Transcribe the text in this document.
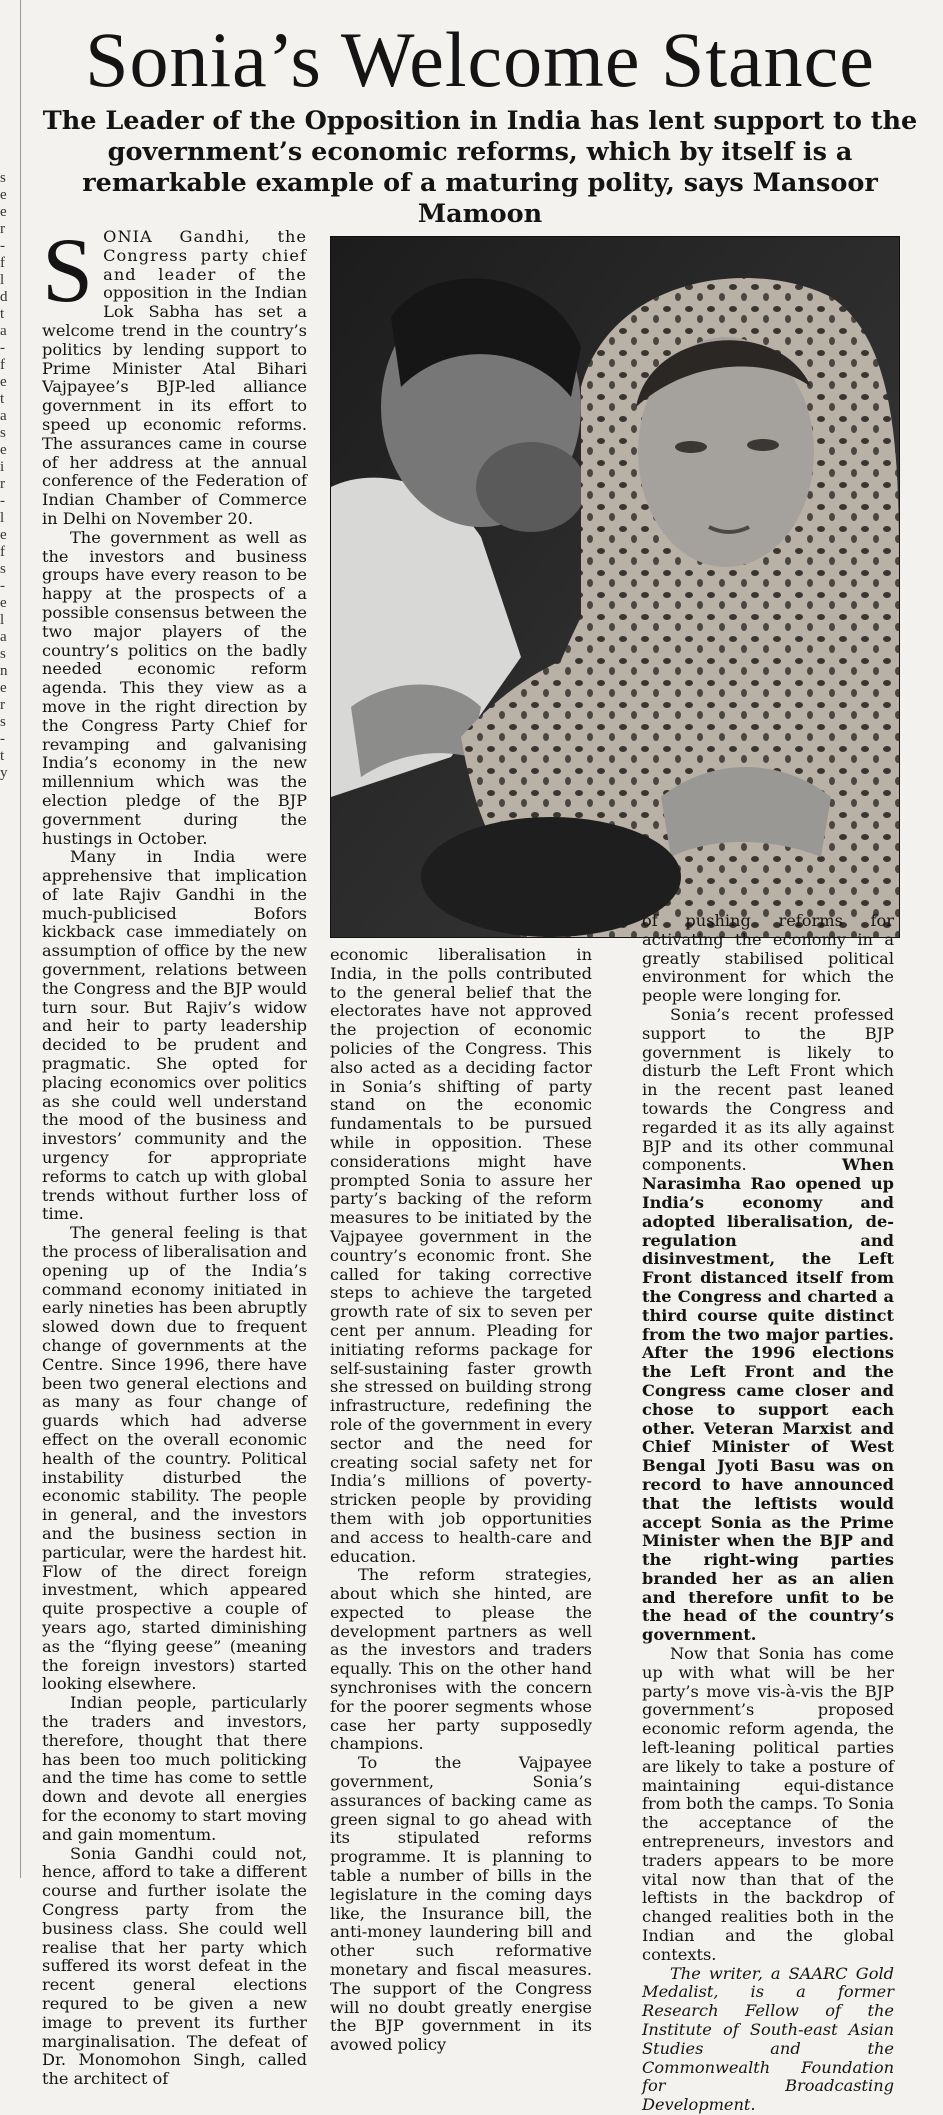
s
e
e
r
-
f
l
d
t
a
-
f
e
t
a
s
e
i
r
-
l
e
f
s
-
e
l
a
s
n
e
r
s
-
t
y
Sonia’s Welcome Stance

The Leader of the Opposition in India has lent support to the government’s economic reforms, which by itself is a remarkable example of a maturing polity, says Mansoor Mamoon

SONIA Gandhi, the Congress party chief and leader of the opposition in the Indian Lok Sabha has set a welcome trend in the country’s politics by lending support to Prime Minister Atal Bihari Vajpayee’s BJP-led alliance government in its effort to speed up economic reforms. The assurances came in course of her address at the annual conference of the Federation of Indian Chamber of Commerce in Delhi on November 20.

The government as well as the investors and business groups have every reason to be happy at the prospects of a possible consensus between the two major players of the country’s politics on the badly needed economic reform agenda. This they view as a move in the right direction by the Congress Party Chief for revamping and galvanising India’s economy in the new millennium which was the election pledge of the BJP government during the hustings in October.

Many in India were apprehensive that implication of late Rajiv Gandhi in the much-publicised Bofors kickback case immediately on assumption of office by the new government, relations between the Congress and the BJP would turn sour. But Rajiv’s widow and heir to party leadership decided to be prudent and pragmatic. She opted for placing economics over politics as she could well understand the mood of the business and investors’ community and the urgency for appropriate reforms to catch up with global trends without further loss of time.

The general feeling is that the process of liberalisation and opening up of the India’s command economy initiated in early nineties has been abruptly slowed down due to frequent change of governments at the Centre. Since 1996, there have been two general elections and as many as four change of guards which had adverse effect on the overall economic health of the country. Political instability disturbed the economic stability. The people in general, and the investors and the business section in particular, were the hardest hit. Flow of the direct foreign investment, which appeared quite prospective a couple of years ago, started diminishing as the “flying geese” (meaning the foreign investors) started looking elsewhere.

Indian people, particularly the traders and investors, therefore, thought that there has been too much politicking and the time has come to settle down and devote all energies for the economy to start moving and gain momentum.

Sonia Gandhi could not, hence, afford to take a different course and further isolate the Congress party from the business class. She could well realise that her party which suffered its worst defeat in the recent general elections requred to be given a new image to prevent its further marginalisation. The defeat of Dr. Monomohon Singh, called the architect of

economic liberalisation in India, in the polls contributed to the general belief that the electorates have not approved the projection of economic policies of the Congress. This also acted as a deciding factor in Sonia’s shifting of party stand on the economic fundamentals to be pursued while in opposition. These considerations might have prompted Sonia to assure her party’s backing of the reform measures to be initiated by the Vajpayee government in the country’s economic front. She called for taking corrective steps to achieve the targeted growth rate of six to seven per cent per annum. Pleading for initiating reforms package for self-sustaining faster growth she stressed on building strong infrastructure, redefining the role of the government in every sector and the need for creating social safety net for India’s millions of poverty-stricken people by providing them with job opportunities and access to health-care and education.

The reform strategies, about which she hinted, are expected to please the development partners as well as the investors and traders equally. This on the other hand synchronises with the concern for the poorer segments whose case her party supposedly champions.

To the Vajpayee government, Sonia’s assurances of backing came as green signal to go ahead with its stipulated reforms programme. It is planning to table a number of bills in the legislature in the coming days like, the Insurance bill, the anti-money laundering bill and other such reformative monetary and fiscal measures. The support of the Congress will no doubt greatly energise the BJP government in its avowed policy

of pushing reforms for activating the economy in a greatly stabilised political environment for which the people were longing for.

Sonia’s recent professed support to the BJP government is likely to disturb the Left Front which in the recent past leaned towards the Congress and regarded it as its ally against BJP and its other communal components. When Narasimha Rao opened up India’s economy and adopted liberalisation, de-regulation and disinvestment, the Left Front distanced itself from the Congress and charted a third course quite distinct from the two major parties. After the 1996 elections the Left Front and the Congress came closer and chose to support each other. Veteran Marxist and Chief Minister of West Bengal Jyoti Basu was on record to have announced that the leftists would accept Sonia as the Prime Minister when the BJP and the right-wing parties branded her as an alien and therefore unfit to be the head of the country’s government.

Now that Sonia has come up with what will be her party’s move vis-à-vis the BJP government’s proposed economic reform agenda, the left-leaning political parties are likely to take a posture of maintaining equi-distance from both the camps. To Sonia the acceptance of the entrepreneurs, investors and traders appears to be more vital now than that of the leftists in the backdrop of changed realities both in the Indian and the global contexts.

The writer, a SAARC Gold Medalist, is a former Research Fellow of the Institute of South-east Asian Studies and the Commonwealth Foundation for Broadcasting Development.
